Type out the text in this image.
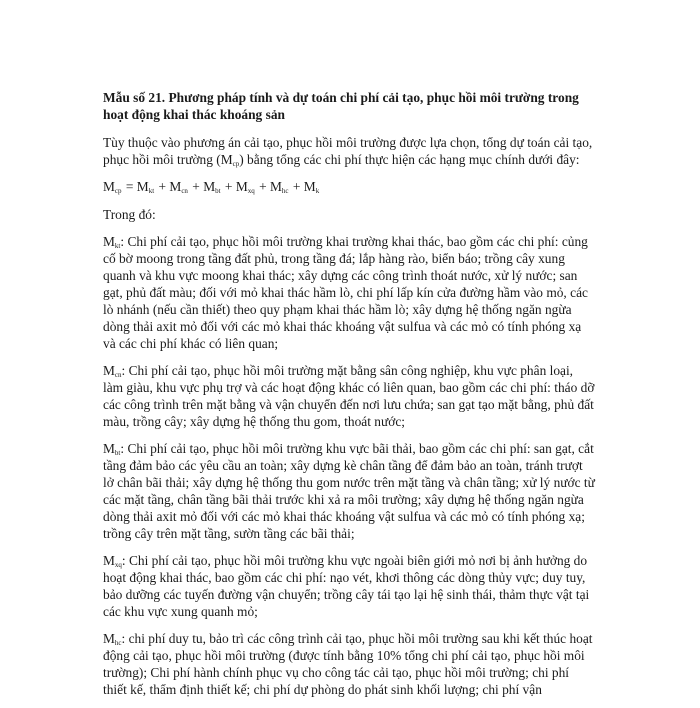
Mẫu số 21. Phương pháp tính và dự toán chi phí cải tạo, phục hồi môi trường trong hoạt động khai thác khoáng sản

Tùy thuộc vào phương án cải tạo, phục hồi môi trường được lựa chọn, tổng dự toán cải tạo, phục hồi môi trường $(M_{cp})$ bằng tổng các chi phí thực hiện các hạng mục chính dưới đây:

$M_{cp} = M_{kt} + M_{cn} + M_{bt} + M_{xq} + M_{hc} + M_k$

Trong đó:

$M_{kt}$: Chi phí cải tạo, phục hồi môi trường khai trường khai thác, bao gồm các chi phí: củng cố bờ moong trong tầng đất phủ, trong tầng đá; lắp hàng rào, biển báo; trồng cây xung quanh và khu vực moong khai thác; xây dựng các công trình thoát nước, xử lý nước; san gạt, phủ đất màu; đối với mỏ khai thác hầm lò, chi phí lấp kín cửa đường hầm vào mỏ, các lò nhánh (nếu cần thiết) theo quy phạm khai thác hầm lò; xây dựng hệ thống ngăn ngừa dòng thải axit mỏ đối với các mỏ khai thác khoáng vật sulfua và các mỏ có tính phóng xạ và các chi phí khác có liên quan;

$M_{cn}$: Chi phí cải tạo, phục hồi môi trường mặt bằng sân công nghiệp, khu vực phân loại, làm giàu, khu vực phụ trợ và các hoạt động khác có liên quan, bao gồm các chi phí: tháo dỡ các công trình trên mặt bằng và vận chuyển đến nơi lưu chứa; san gạt tạo mặt bằng, phủ đất màu, trồng cây; xây dựng hệ thống thu gom, thoát nước;

$M_{bt}$: Chi phí cải tạo, phục hồi môi trường khu vực bãi thải, bao gồm các chi phí: san gạt, cắt tầng đảm bảo các yêu cầu an toàn; xây dựng kè chân tầng để đảm bảo an toàn, tránh trượt lở chân bãi thải; xây dựng hệ thống thu gom nước trên mặt tầng và chân tầng; xử lý nước từ các mặt tầng, chân tầng bãi thải trước khi xả ra môi trường; xây dựng hệ thống ngăn ngừa dòng thải axit mỏ đối với các mỏ khai thác khoáng vật sulfua và các mỏ có tính phóng xạ; trồng cây trên mặt tầng, sườn tầng các bãi thải;

$M_{xq}$: Chi phí cải tạo, phục hồi môi trường khu vực ngoài biên giới mỏ nơi bị ảnh hưởng do hoạt động khai thác, bao gồm các chi phí: nạo vét, khơi thông các dòng thủy vực; duy tuy, bảo dưỡng các tuyến đường vận chuyển; trồng cây tái tạo lại hệ sinh thái, thảm thực vật tại các khu vực xung quanh mỏ;

$M_{hc}$: chi phí duy tu, bảo trì các công trình cải tạo, phục hồi môi trường sau khi kết thúc hoạt động cải tạo, phục hồi môi trường (được tính bằng 10% tổng chi phí cải tạo, phục hồi môi trường); Chi phí hành chính phục vụ cho công tác cải tạo, phục hồi môi trường; chi phí thiết kế, thẩm định thiết kế; chi phí dự phòng do phát sinh khối lượng; chi phí vận
